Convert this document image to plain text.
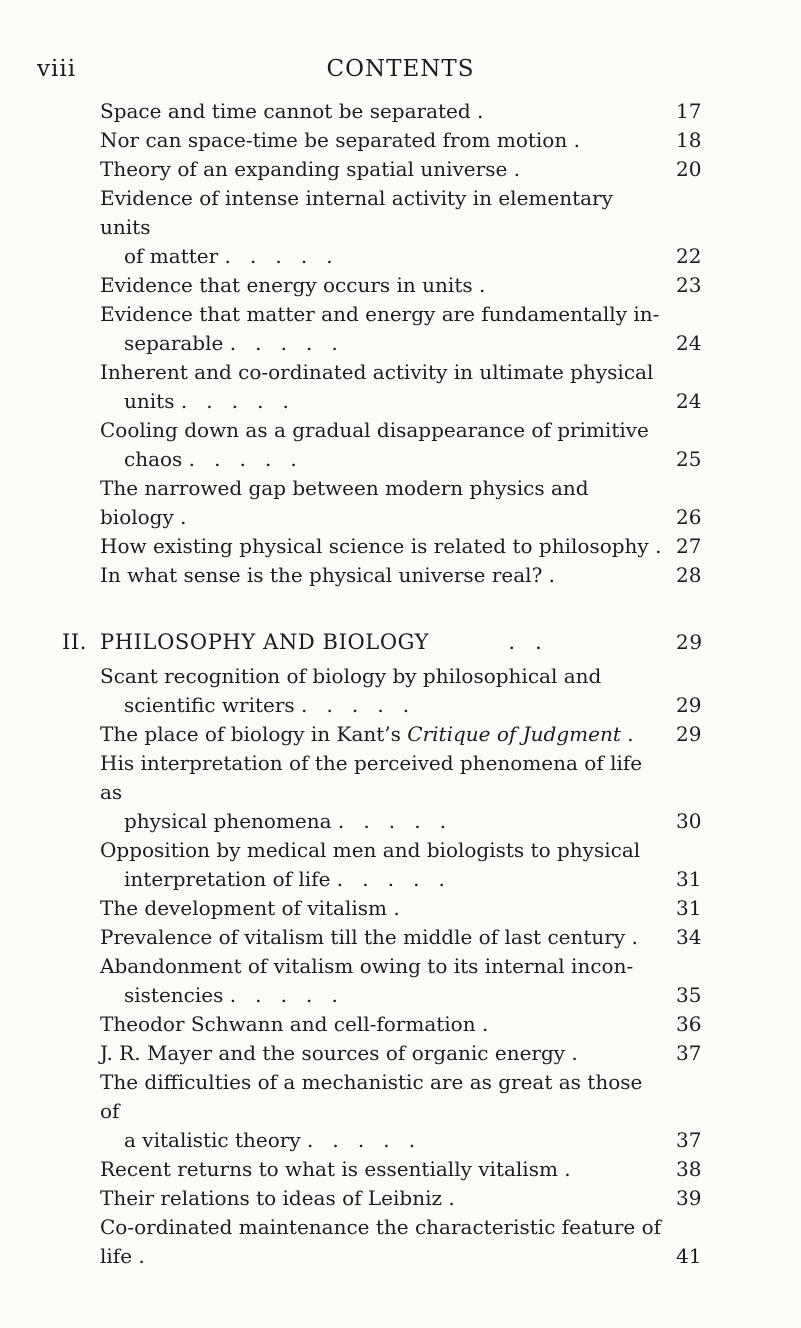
viii	CONTENTS
Space and time cannot be separated .	17
Nor can space-time be separated from motion .	18
Theory of an expanding spatial universe .	20
Evidence of intense internal activity in elementary units
of matter .   .   .   .   .	22
Evidence that energy occurs in units .	23
Evidence that matter and energy are fundamentally in-
separable .   .   .   .   .	24
Inherent and co-ordinated activity in ultimate physical
units .   .   .   .   .	24
Cooling down as a gradual disappearance of primitive
chaos .   .   .   .   .	25
The narrowed gap between modern physics and biology .	26
How existing physical science is related to philosophy . 27
In what sense is the physical universe real? .	28
II. PHILOSOPHY AND BIOLOGY	.   .	29
Scant recognition of biology by philosophical and
scientific writers .   .   .   .   .	29
The place of biology in Kant’s Critique of Judgment .	29
His interpretation of the perceived phenomena of life as
physical phenomena .   .   .   .   .	30
Opposition by medical men and biologists to physical
interpretation of life .   .   .   .   .	31
The development of vitalism .	31
Prevalence of vitalism till the middle of last century .	34
Abandonment of vitalism owing to its internal incon-
sistencies .   .   .   .   .	35
Theodor Schwann and cell-formation .	36
J. R. Mayer and the sources of organic energy .	37
The difficulties of a mechanistic are as great as those of
a vitalistic theory .   .   .   .   .	37
Recent returns to what is essentially vitalism .	38
Their relations to ideas of Leibniz .	39
Co-ordinated maintenance the characteristic feature of life .	41
